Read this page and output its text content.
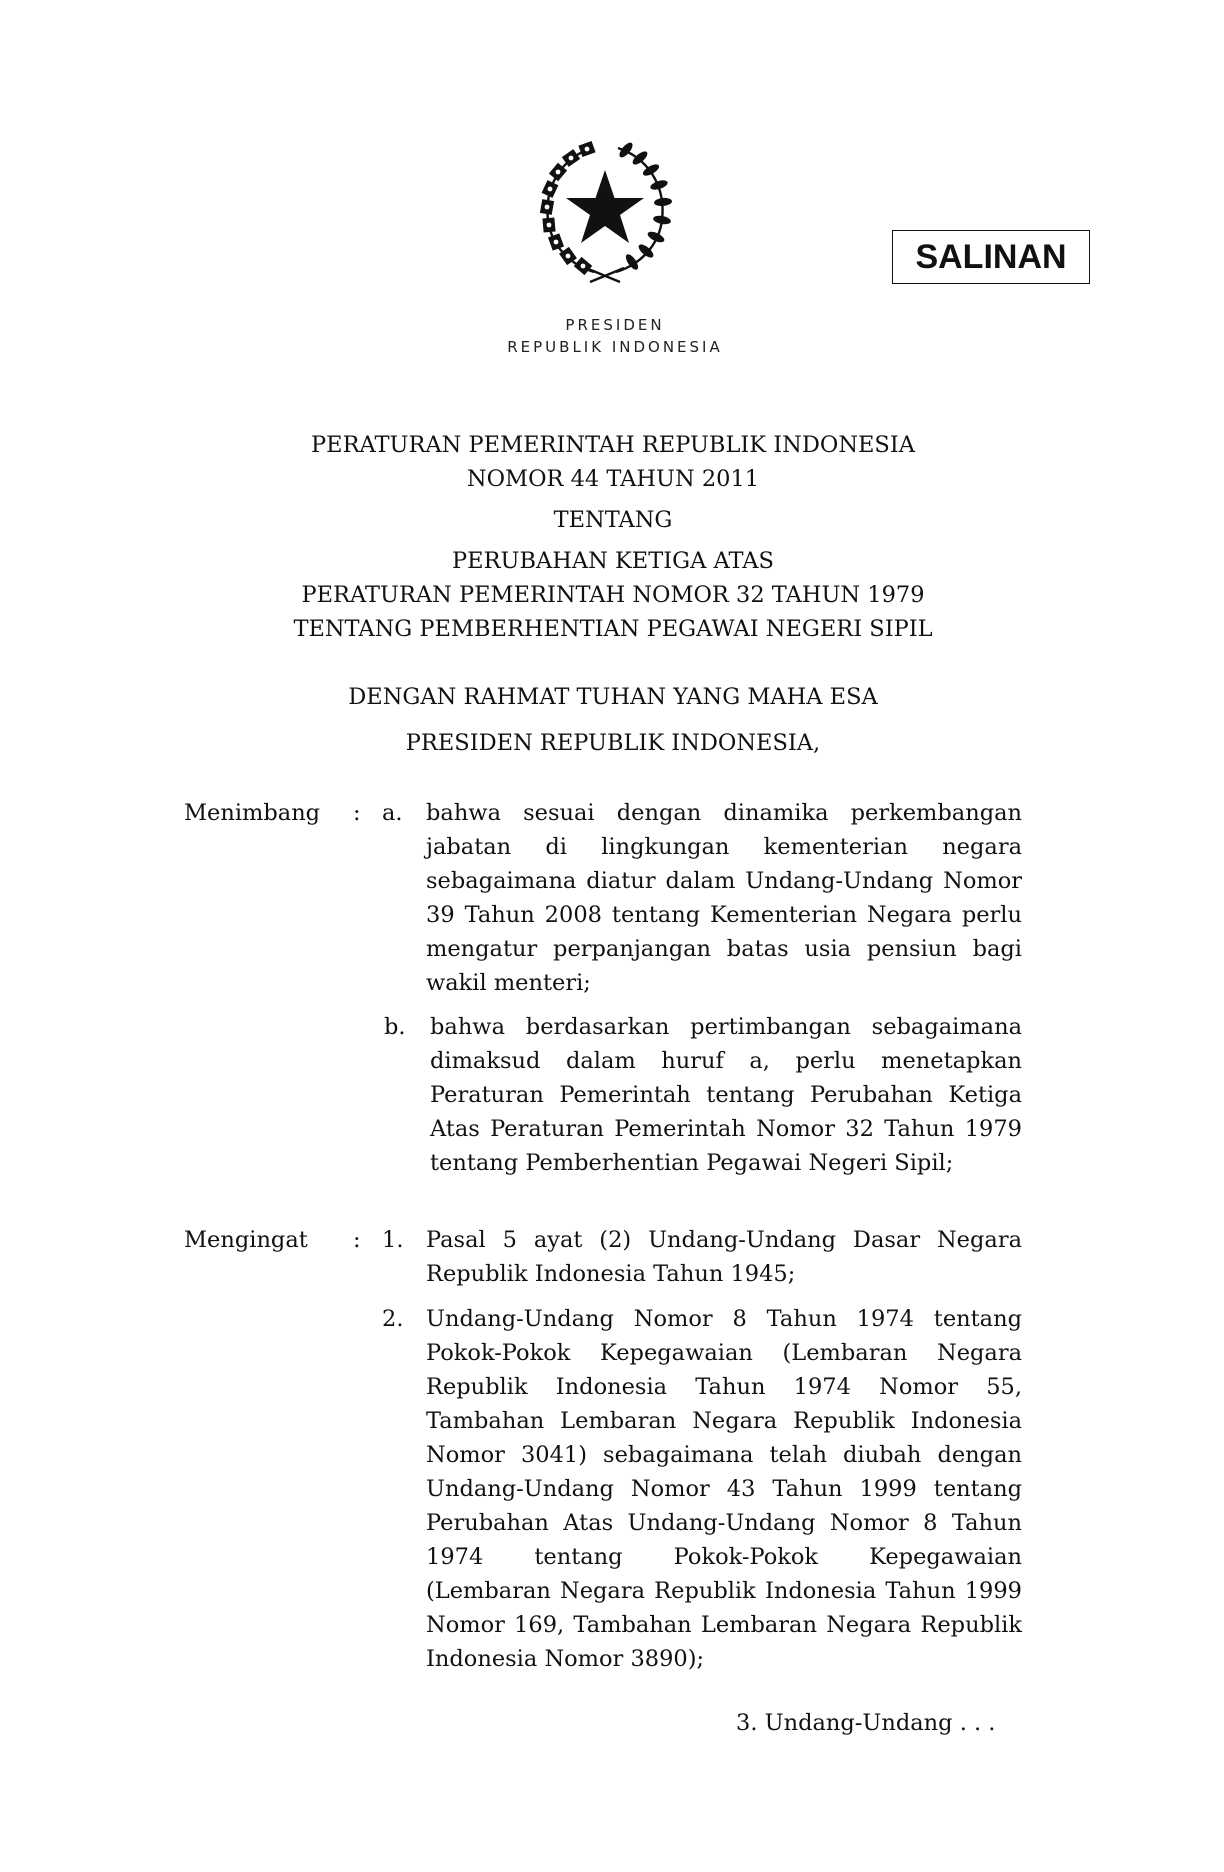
PRESIDEN
REPUBLIK INDONESIA
SALINAN
PERATURAN PEMERINTAH REPUBLIK INDONESIA
NOMOR 44 TAHUN 2011
TENTANG
PERUBAHAN KETIGA ATAS
PERATURAN PEMERINTAH NOMOR 32 TAHUN 1979
TENTANG PEMBERHENTIAN PEGAWAI NEGERI SIPIL
DENGAN RAHMAT TUHAN YANG MAHA ESA
PRESIDEN REPUBLIK INDONESIA,
Menimbang : a. bahwa sesuai dengan dinamika perkembangan jabatan di lingkungan kementerian negara sebagaimana diatur dalam Undang-Undang Nomor 39 Tahun 2008 tentang Kementerian Negara perlu mengatur perpanjangan batas usia pensiun bagi wakil menteri;

b. bahwa berdasarkan pertimbangan sebagaimana dimaksud dalam huruf a, perlu menetapkan Peraturan Pemerintah tentang Perubahan Ketiga Atas Peraturan Pemerintah Nomor 32 Tahun 1979 tentang Pemberhentian Pegawai Negeri Sipil;

Mengingat : 1. Pasal 5 ayat (2) Undang-Undang Dasar Negara Republik Indonesia Tahun 1945;

2. Undang-Undang Nomor 8 Tahun 1974 tentang Pokok-Pokok Kepegawaian (Lembaran Negara Republik Indonesia Tahun 1974 Nomor 55, Tambahan Lembaran Negara Republik Indonesia Nomor 3041) sebagaimana telah diubah dengan Undang-Undang Nomor 43 Tahun 1999 tentang Perubahan Atas Undang-Undang Nomor 8 Tahun 1974 tentang Pokok-Pokok Kepegawaian (Lembaran Negara Republik Indonesia Tahun 1999 Nomor 169, Tambahan Lembaran Negara Republik Indonesia Nomor 3890);

3. Undang-Undang . . .
